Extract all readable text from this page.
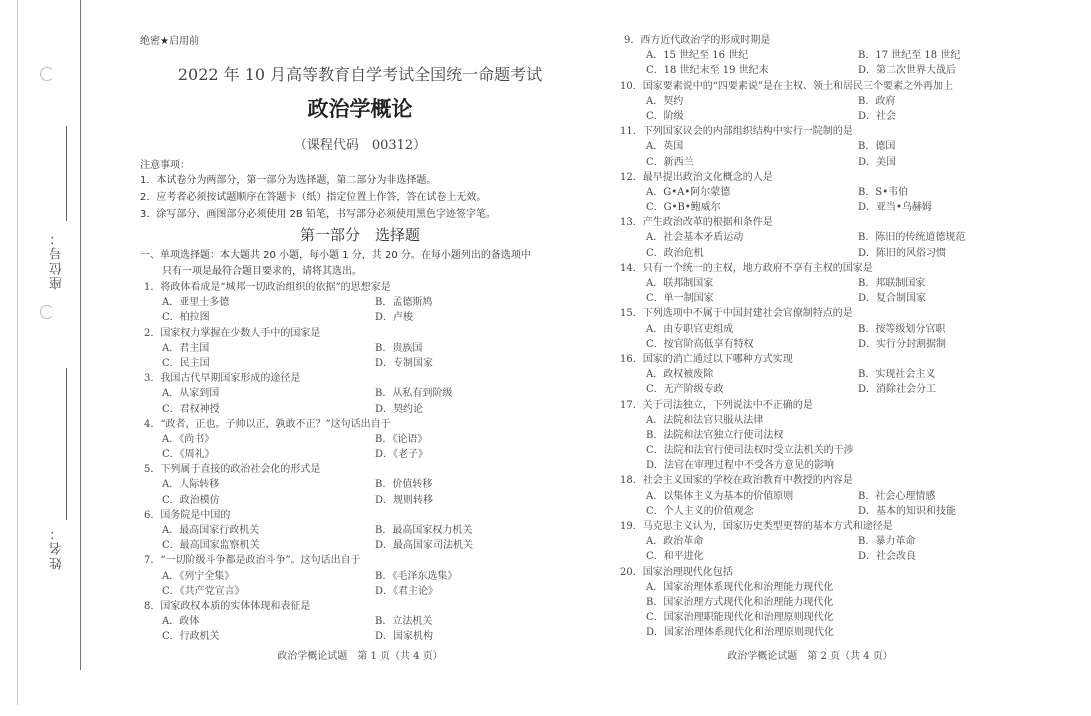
座位号：
姓名：
绝密★启用前
2022 年 10 月高等教育自学考试全国统一命题考试
政治学概论
（课程代码　00312）
注意事项：
1．本试卷分为两部分，第一部分为选择题，第二部分为非选择题。
2．应考者必须按试题顺序在答题卡（纸）指定位置上作答，答在试卷上无效。
3．涂写部分、画图部分必须使用 2B 铅笔，书写部分必须使用黑色字迹签字笔。
第一部分　选择题
一、单项选择题：本大题共 20 小题，每小题 1 分，共 20 分。在每小题列出的备选项中
只有一项是最符合题目要求的，请将其选出。
1．将政体看成是“城邦一切政治组织的依据”的思想家是
A．亚里士多德	B．孟德斯鸠
C．柏拉图	D．卢梭
2．国家权力掌握在少数人手中的国家是
A．君主国	B．贵族国
C．民主国	D．专制国家
3．我国古代早期国家形成的途径是
A．从家到国	B．从私有到阶级
C．君权神授	D．契约论
4．“政者，正也。子帅以正，孰敢不正？”这句话出自于
A．《尚书》	B．《论语》
C．《周礼》	D．《老子》
5．下列属于直接的政治社会化的形式是
A．人际转移	B．价值转移
C．政治模仿	D．规则转移
6．国务院是中国的
A．最高国家行政机关	B．最高国家权力机关
C．最高国家监察机关	D．最高国家司法机关
7．“一切阶级斗争都是政治斗争”。这句话出自于
A．《列宁全集》	B．《毛泽东选集》
C．《共产党宣言》	D．《君主论》
8．国家政权本质的实体体现和表征是
A．政体	B．立法机关
C．行政机关	D．国家机构
政治学概论试题　第 1 页（共 4 页）
9．西方近代政治学的形成时期是
A．15 世纪至 16 世纪	B．17 世纪至 18 世纪
C．18 世纪末至 19 世纪末	D．第二次世界大战后
10．国家要素说中的“四要素说”是在主权、领土和居民三个要素之外再加上
A．契约	B．政府
C．阶级	D．社会
11．下列国家议会的内部组织结构中实行一院制的是
A．英国	B．德国
C．新西兰	D．美国
12．最早提出政治文化概念的人是
A．G•A•阿尔蒙德	B．S•韦伯
C．G•B•鲍威尔	D．亚当•乌赫姆
13．产生政治改革的根据和条件是
A．社会基本矛盾运动	B．陈旧的传统道德规范
C．政治危机	D．陈旧的风俗习惯
14．只有一个统一的主权，地方政府不享有主权的国家是
A．联邦制国家	B．邦联制国家
C．单一制国家	D．复合制国家
15．下列选项中不属于中国封建社会官僚制特点的是
A．由专职官吏组成	B．按等级划分官职
C．按官阶高低享有特权	D．实行分封割据制
16．国家的消亡通过以下哪种方式实现
A．政权被废除	B．实现社会主义
C．无产阶级专政	D．消除社会分工
17．关于司法独立，下列说法中不正确的是
A．法院和法官只服从法律
B．法院和法官独立行使司法权
C．法院和法官行使司法权时受立法机关的干涉
D．法官在审理过程中不受各方意见的影响
18．社会主义国家的学校在政治教育中教授的内容是
A．以集体主义为基本的价值原则	B．社会心理情感
C．个人主义的价值观念	D．基本的知识和技能
19．马克思主义认为，国家历史类型更替的基本方式和途径是
A．政治革命	B．暴力革命
C．和平进化	D．社会改良
20．国家治理现代化包括
A．国家治理体系现代化和治理能力现代化
B．国家治理方式现代化和治理能力现代化
C．国家治理职能现代化和治理原则现代化
D．国家治理体系现代化和治理原则现代化
政治学概论试题　第 2 页（共 4 页）
